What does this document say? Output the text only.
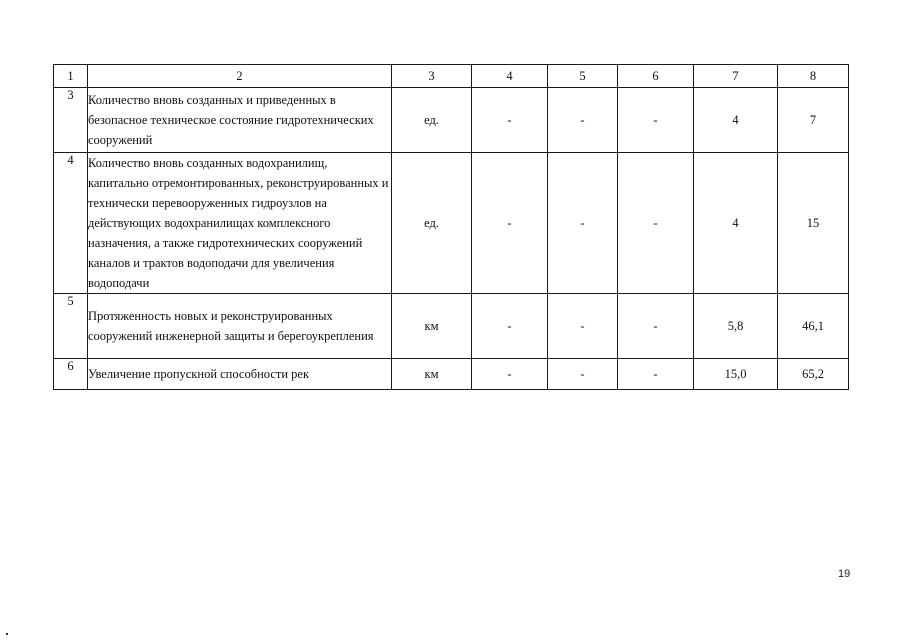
1	2	3	4	5	6	7	8
3	Количество вновь созданных и приведенных в безопасное техническое состояние гидротехнических сооружений	ед.	-	-	-	4	7
4	Количество вновь созданных водохранилищ, капитально отремонтированных, реконструированных и технически перевооруженных гидроузлов на действующих водохранилищах комплексного назначения, а также гидротехнических сооружений каналов и трактов водоподачи для увеличения водоподачи	ед.	-	-	-	4	15
5	Протяженность новых и реконструированных сооружений инженерной защиты и берегоукрепления	км	-	-	-	5,8	46,1
6	Увеличение пропускной способности рек	км	-	-	-	15,0	65,2
19
